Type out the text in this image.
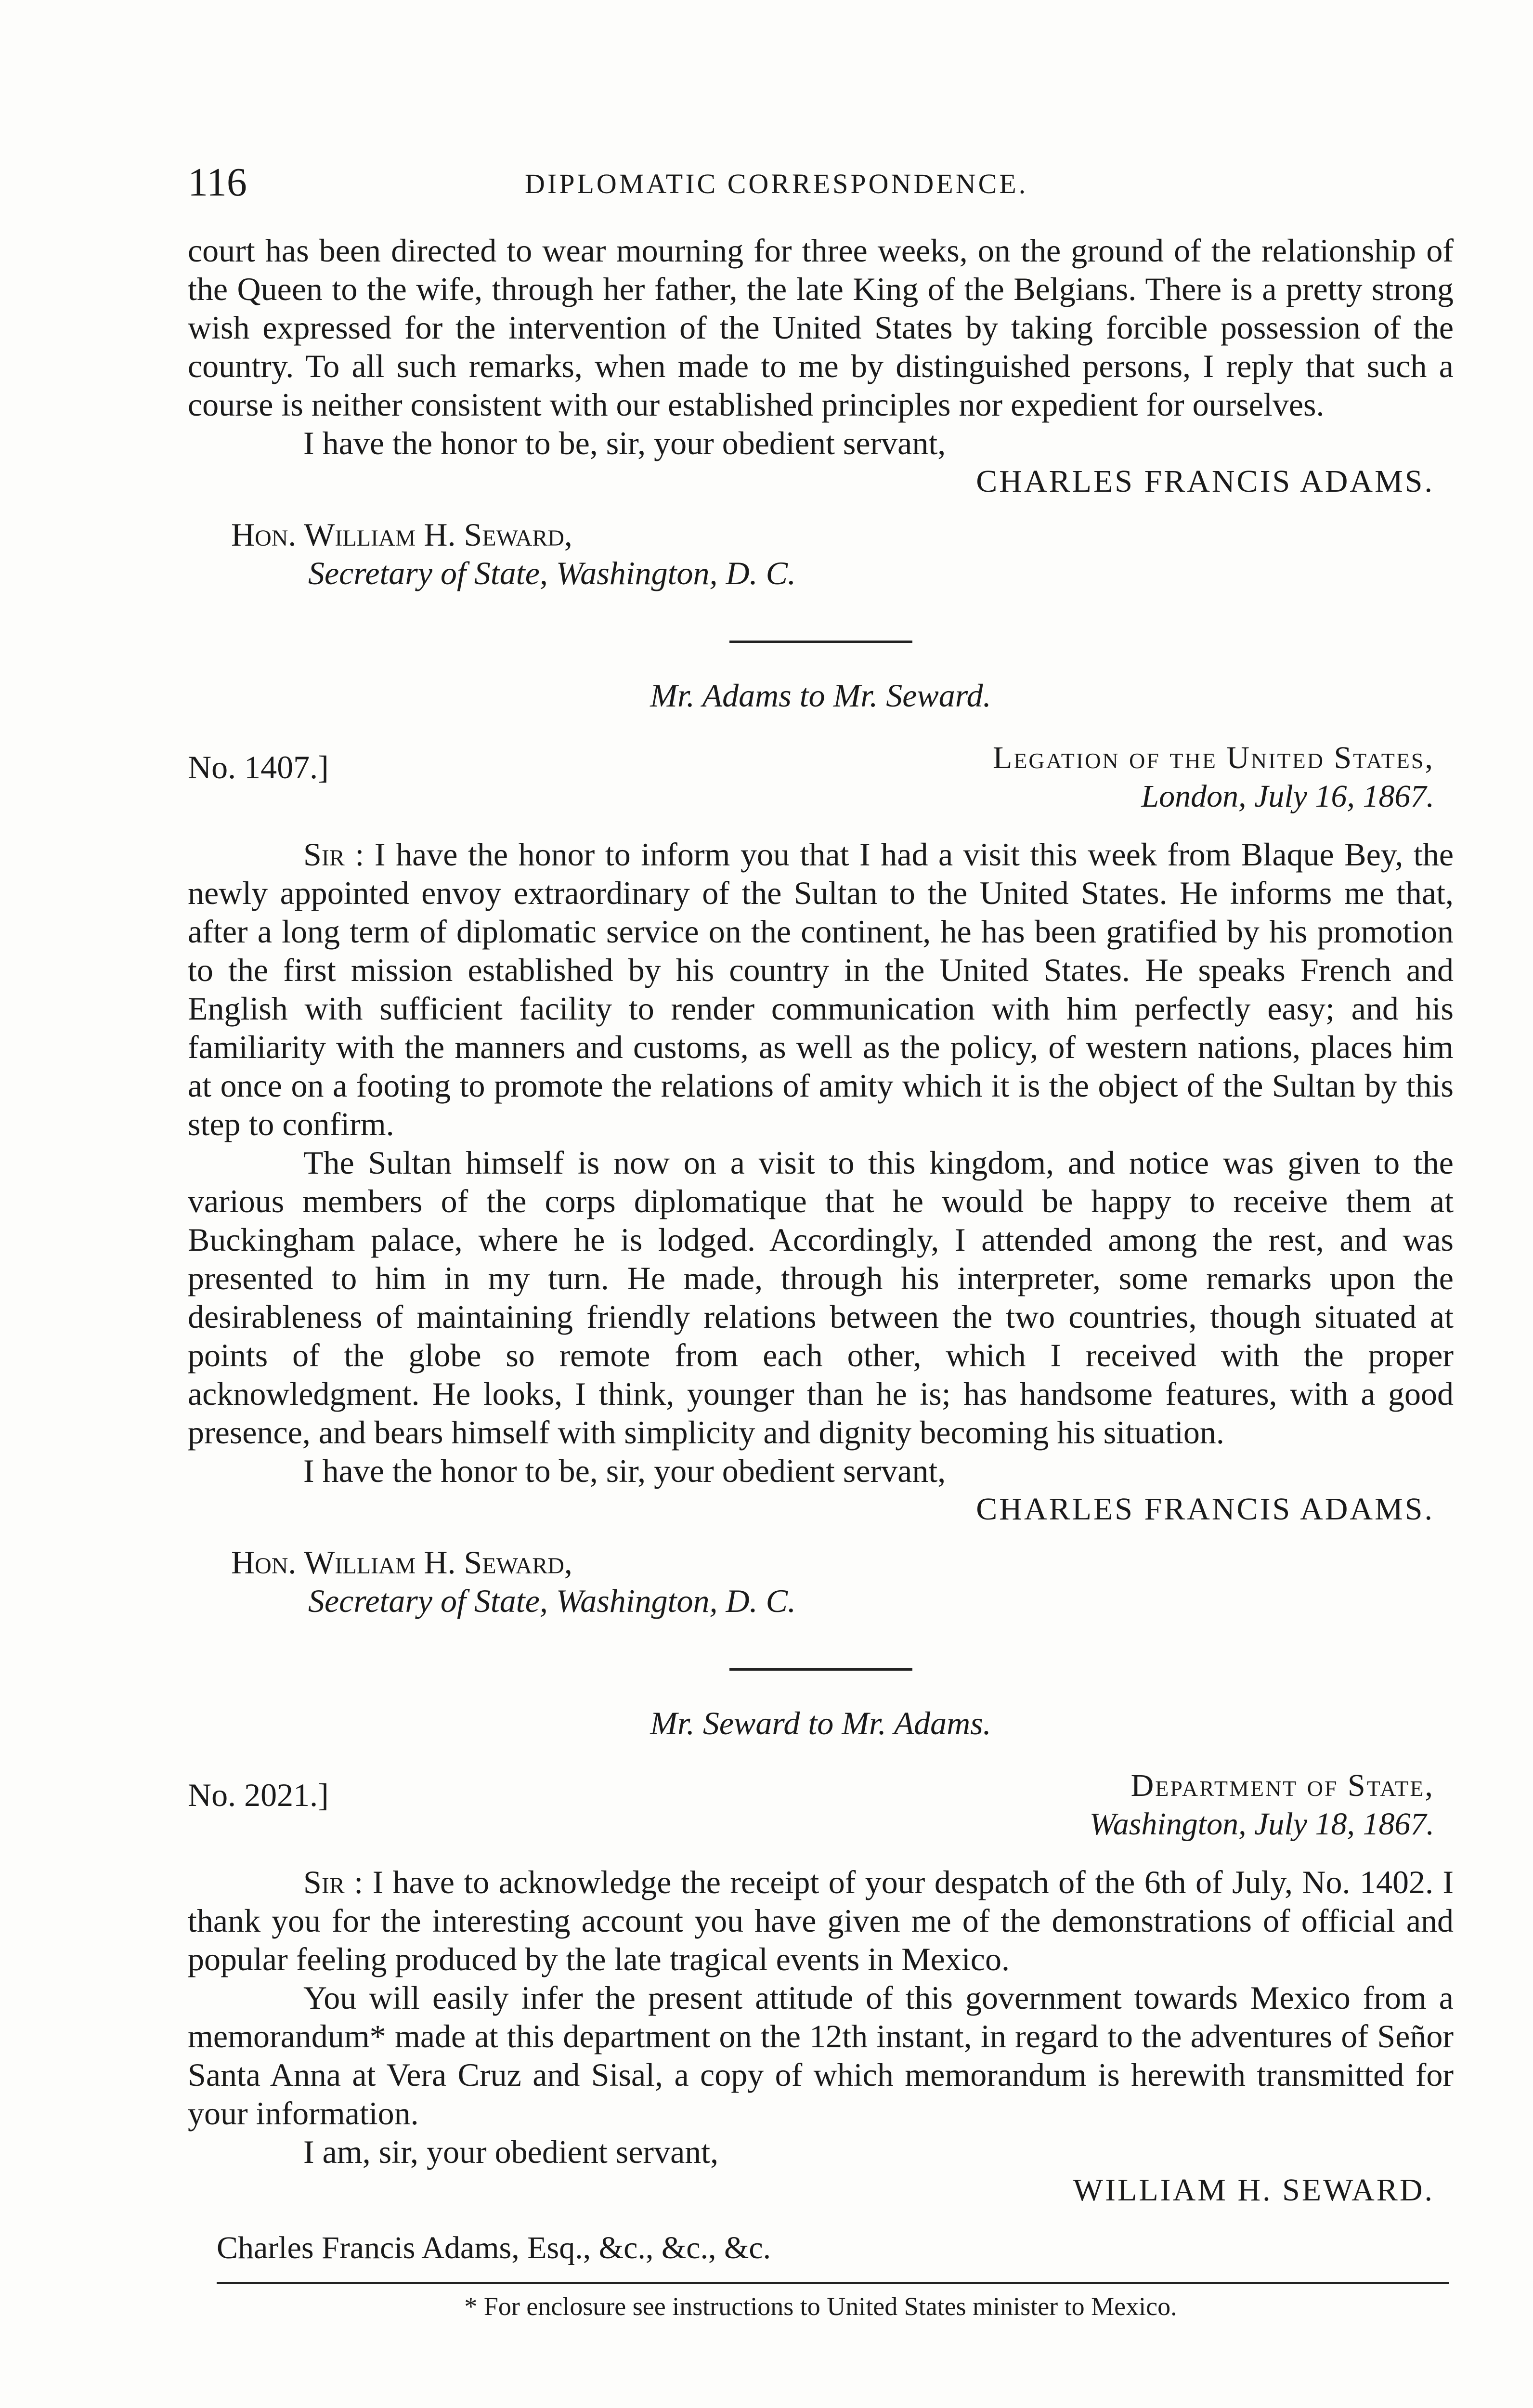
116	DIPLOMATIC CORRESPONDENCE.

court has been directed to wear mourning for three weeks, on the ground of the relationship of the Queen to the wife, through her father, the late King of the Belgians. There is a pretty strong wish expressed for the intervention of the United States by taking forcible possession of the country. To all such remarks, when made to me by distinguished persons, I reply that such a course is neither consistent with our established principles nor expedient for ourselves.

I have the honor to be, sir, your obedient servant,

CHARLES FRANCIS ADAMS.

Hon. William H. Seward,

Secretary of State, Washington, D. C.

Mr. Adams to Mr. Seward.

No. 1407.]	Legation of the United States,
London, July 16, 1867.

Sir : I have the honor to inform you that I had a visit this week from Blaque Bey, the newly appointed envoy extraordinary of the Sultan to the United States. He informs me that, after a long term of diplomatic service on the continent, he has been gratified by his promotion to the first mission established by his country in the United States. He speaks French and English with sufficient facility to render communication with him perfectly easy; and his familiarity with the manners and customs, as well as the policy, of western nations, places him at once on a footing to promote the relations of amity which it is the object of the Sultan by this step to confirm.

The Sultan himself is now on a visit to this kingdom, and notice was given to the various members of the corps diplomatique that he would be happy to receive them at Buckingham palace, where he is lodged. Accordingly, I attended among the rest, and was presented to him in my turn. He made, through his interpreter, some remarks upon the desirableness of maintaining friendly relations between the two countries, though situated at points of the globe so remote from each other, which I received with the proper acknowledgment. He looks, I think, younger than he is; has handsome features, with a good presence, and bears himself with simplicity and dignity becoming his situation.

I have the honor to be, sir, your obedient servant,

CHARLES FRANCIS ADAMS.

Hon. William H. Seward,

Secretary of State, Washington, D. C.

Mr. Seward to Mr. Adams.

No. 2021.]	Department of State,
Washington, July 18, 1867.

Sir : I have to acknowledge the receipt of your despatch of the 6th of July, No. 1402. I thank you for the interesting account you have given me of the demonstrations of official and popular feeling produced by the late tragical events in Mexico.

You will easily infer the present attitude of this government towards Mexico from a memorandum* made at this department on the 12th instant, in regard to the adventures of Señor Santa Anna at Vera Cruz and Sisal, a copy of which memorandum is herewith transmitted for your information.

I am, sir, your obedient servant,

WILLIAM H. SEWARD.

Charles Francis Adams, Esq., &c., &c., &c.

* For enclosure see instructions to United States minister to Mexico.
